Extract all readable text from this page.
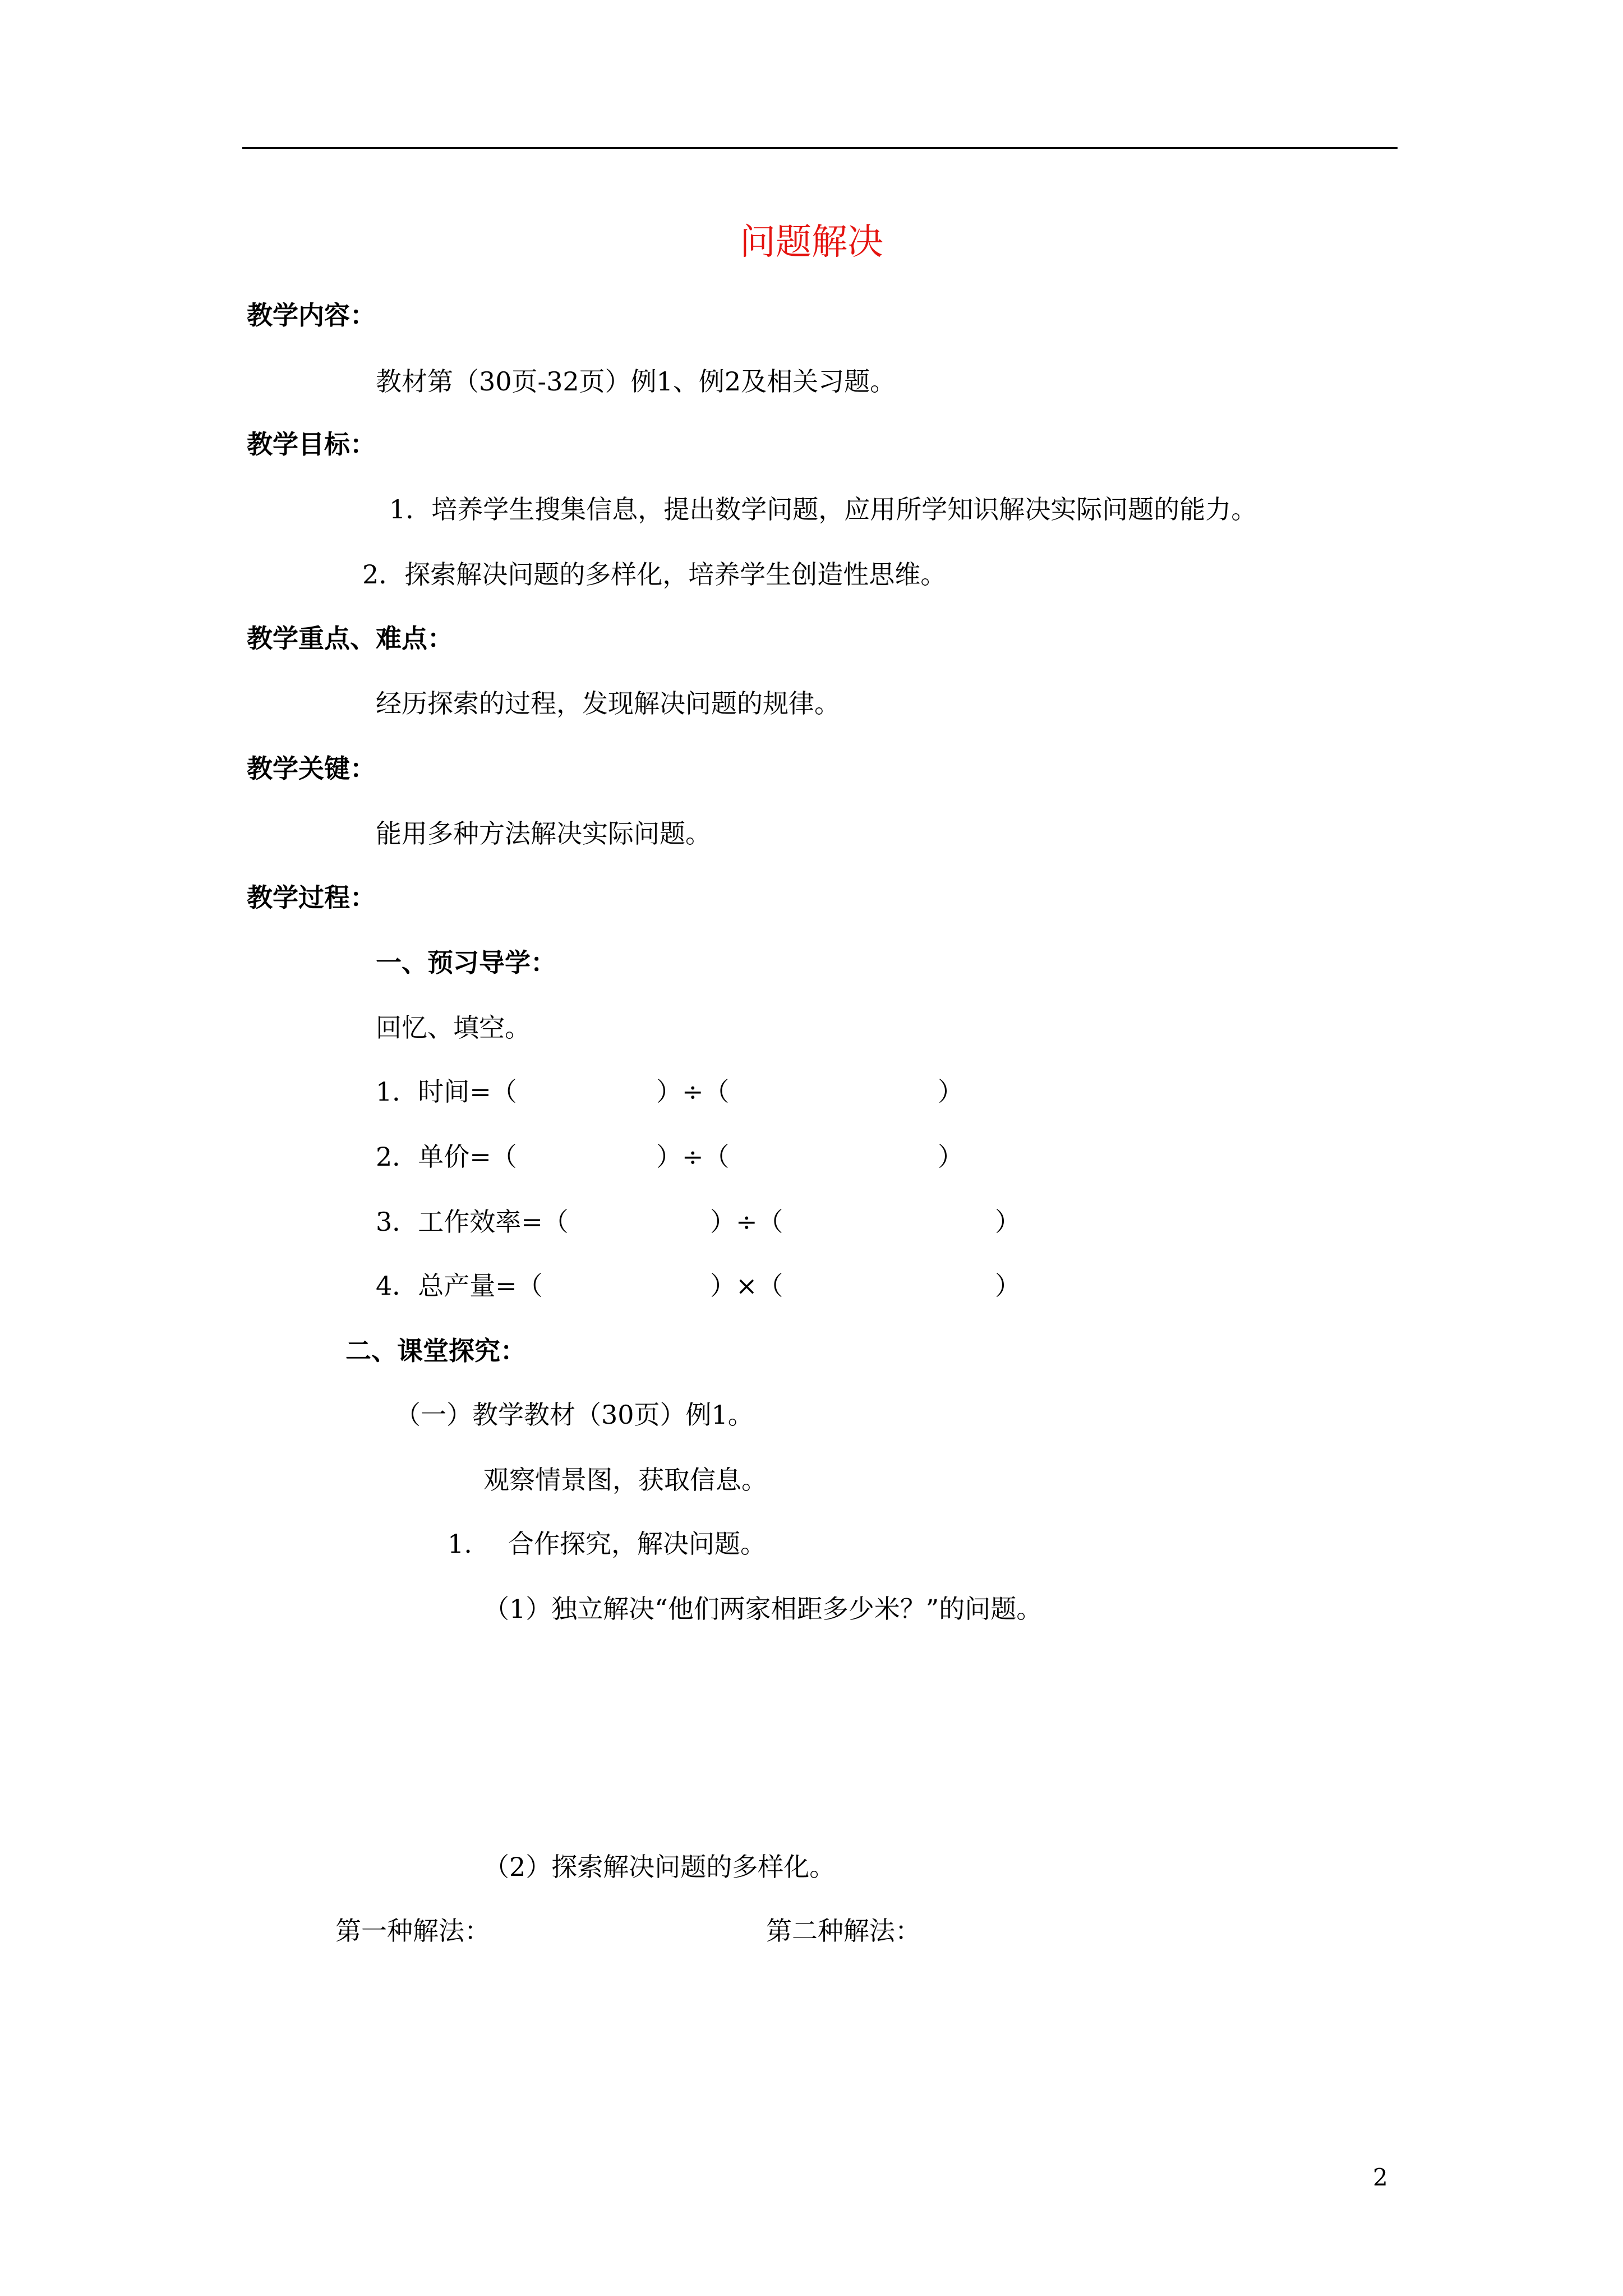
问题解决
教学内容：
教材第（30页-32页）例1、例2及相关习题。
教学目标：
1．培养学生搜集信息，提出数学问题，应用所学知识解决实际问题的能力。
2．探索解决问题的多样化，培养学生创造性思维。
教学重点、难点：
经历探索的过程，发现解决问题的规律。
教学关键：
能用多种方法解决实际问题。
教学过程：
一、预习导学：
回忆、填空。
1．时间=（	）÷（	）
2．单价=（	）÷（	）
3．工作效率=（	）÷（	）
4．总产量=（	）×（	）
二、课堂探究：
（一）教学教材（30页）例1。
观察情景图，获取信息。
1. 合作探究，解决问题。
（1）独立解决“他们两家相距多少米？”的问题。
（2）探索解决问题的多样化。
第一种解法：	第二种解法：
2
